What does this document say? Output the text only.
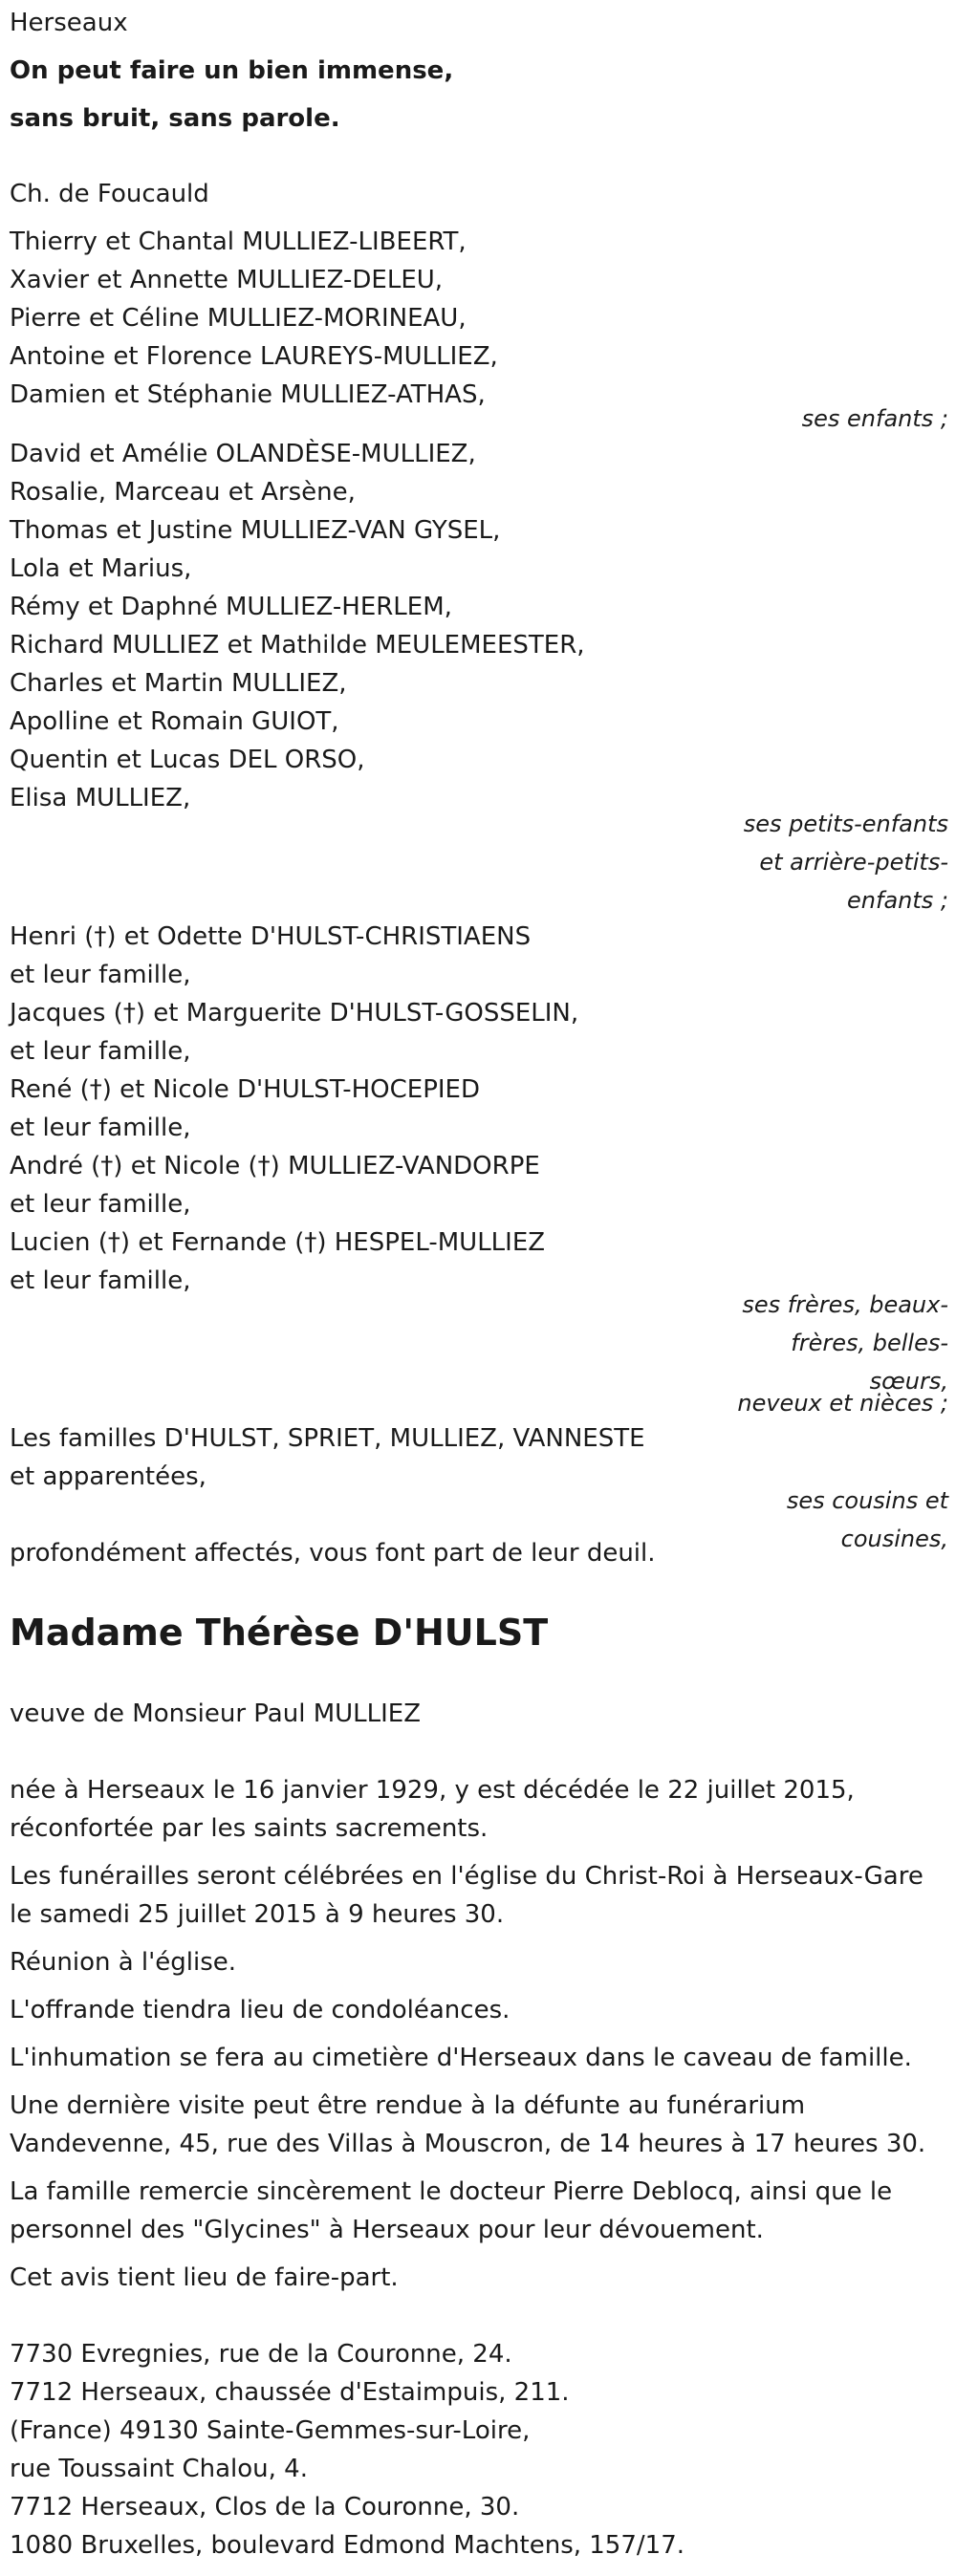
Herseaux
On peut faire un bien immense,
sans bruit, sans parole.
Ch. de Foucauld
Thierry et Chantal MULLIEZ-LIBEERT,
Xavier et Annette MULLIEZ-DELEU,
Pierre et Céline MULLIEZ-MORINEAU,
Antoine et Florence LAUREYS-MULLIEZ,
Damien et Stéphanie MULLIEZ-ATHAS,
ses enfants ;
David et Amélie OLANDÈSE-MULLIEZ,
Rosalie, Marceau et Arsène,
Thomas et Justine MULLIEZ-VAN GYSEL,
Lola et Marius,
Rémy et Daphné MULLIEZ-HERLEM,
Richard MULLIEZ et Mathilde MEULEMEESTER,
Charles et Martin MULLIEZ,
Apolline et Romain GUIOT,
Quentin et Lucas DEL ORSO,
Elisa MULLIEZ,
ses petits-enfants
et arrière-petits-
enfants ;
Henri (†) et Odette D'HULST-CHRISTIAENS
et leur famille,
Jacques (†) et Marguerite D'HULST-GOSSELIN,
et leur famille,
René (†) et Nicole D'HULST-HOCEPIED
et leur famille,
André (†) et Nicole (†) MULLIEZ-VANDORPE
et leur famille,
Lucien (†) et Fernande (†) HESPEL-MULLIEZ
et leur famille,
ses frères, beaux-
frères, belles-
sœurs,
neveux et nièces ;
Les familles D'HULST, SPRIET, MULLIEZ, VANNESTE
et apparentées,
ses cousins et
cousines,
profondément affectés, vous font part de leur deuil.
Madame Thérèse D'HULST
veuve de Monsieur Paul MULLIEZ
née à Herseaux le 16 janvier 1929, y est décédée le 22 juillet 2015,
réconfortée par les saints sacrements.
Les funérailles seront célébrées en l'église du Christ-Roi à Herseaux-Gare
le samedi 25 juillet 2015 à 9 heures 30.
Réunion à l'église.
L'offrande tiendra lieu de condoléances.
L'inhumation se fera au cimetière d'Herseaux dans le caveau de famille.
Une dernière visite peut être rendue à la défunte au funérarium
Vandevenne, 45, rue des Villas à Mouscron, de 14 heures à 17 heures 30.
La famille remercie sincèrement le docteur Pierre Deblocq, ainsi que le
personnel des "Glycines" à Herseaux pour leur dévouement.
Cet avis tient lieu de faire-part.
7730 Evregnies, rue de la Couronne, 24.
7712 Herseaux, chaussée d'Estaimpuis, 211.
(France) 49130 Sainte-Gemmes-sur-Loire,
rue Toussaint Chalou, 4.
7712 Herseaux, Clos de la Couronne, 30.
1080 Bruxelles, boulevard Edmond Machtens, 157/17.
